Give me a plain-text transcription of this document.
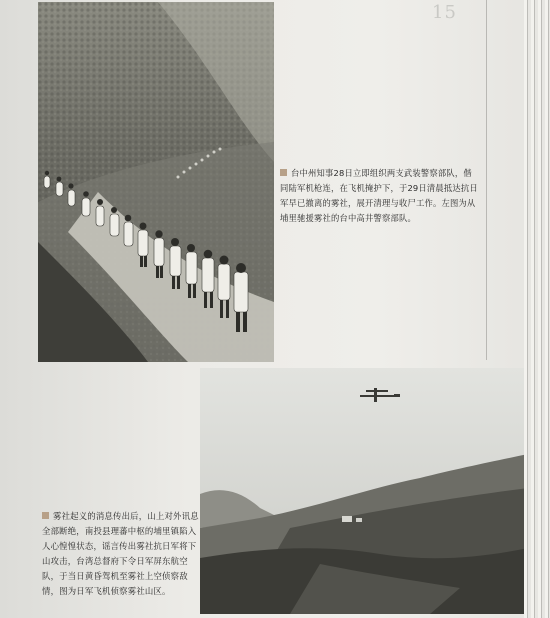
15
台中州知事28日立即组织两支武装警察部队，偕同陆军机枪连，在飞机掩护下，于29日清晨抵达抗日军早已撤离的雾社，展开清理与收尸工作。左图为从埔里驰援雾社的台中高井警察部队。
雾社起义的消息传出后，山上对外讯息全部断绝，南投县理蕃中枢的埔里镇陷入人心惶惶状态，谣言传出雾社抗日军将下山攻击，台湾总督府下令日军屏东航空队，于当日黄昏驾机至雾社上空侦察敌情，图为日军飞机侦察雾社山区。
